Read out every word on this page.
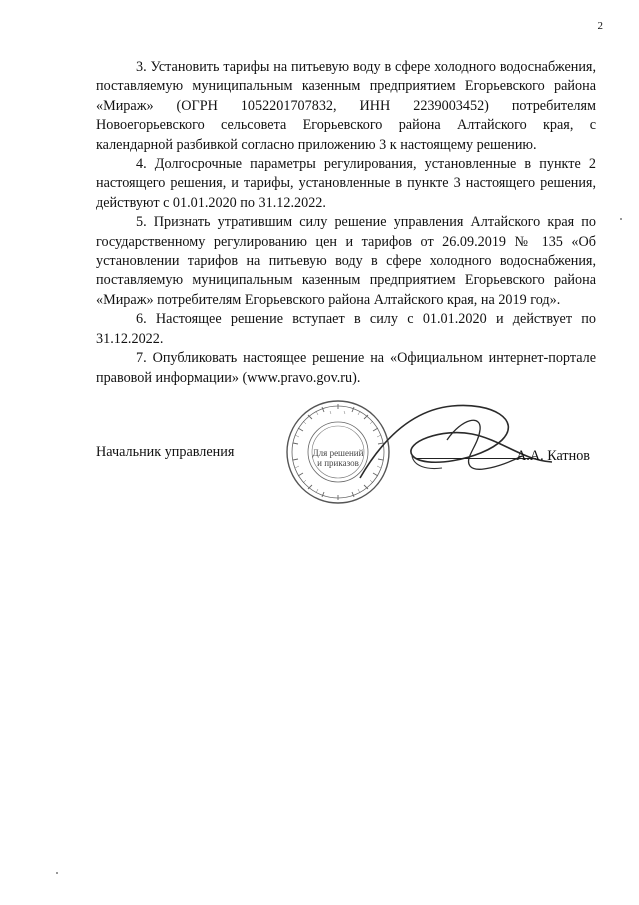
2

3. Установить тарифы на питьевую воду в сфере холодного водоснабжения, поставляемую муниципальным казенным предприятием Егорьевского района «Мираж» (ОГРН 1052201707832, ИНН 2239003452) потребителям Новоегорьевского сельсовета Егорьевского района Алтайского края, с календарной разбивкой согласно приложению 3 к настоящему решению.

4. Долгосрочные параметры регулирования, установленные в пункте 2 настоящего решения, и тарифы, установленные в пункте 3 настоящего решения, действуют с 01.01.2020 по 31.12.2022.

5. Признать утратившим силу решение управления Алтайского края по государственному регулированию цен и тарифов от 26.09.2019 № 135 «Об установлении тарифов на питьевую воду в сфере холодного водоснабжения, поставляемую муниципальным казенным предприятием Егорьевского района «Мираж» потребителям Егорьевского района Алтайского края, на 2019 год».

6. Настоящее решение вступает в силу с 01.01.2020 и действует по 31.12.2022.

7. Опубликовать настоящее решение на «Официальном интернет-портале правовой информации» (www.pravo.gov.ru).

Для решений
и приказов
Начальник управления	А.А. Катнов
